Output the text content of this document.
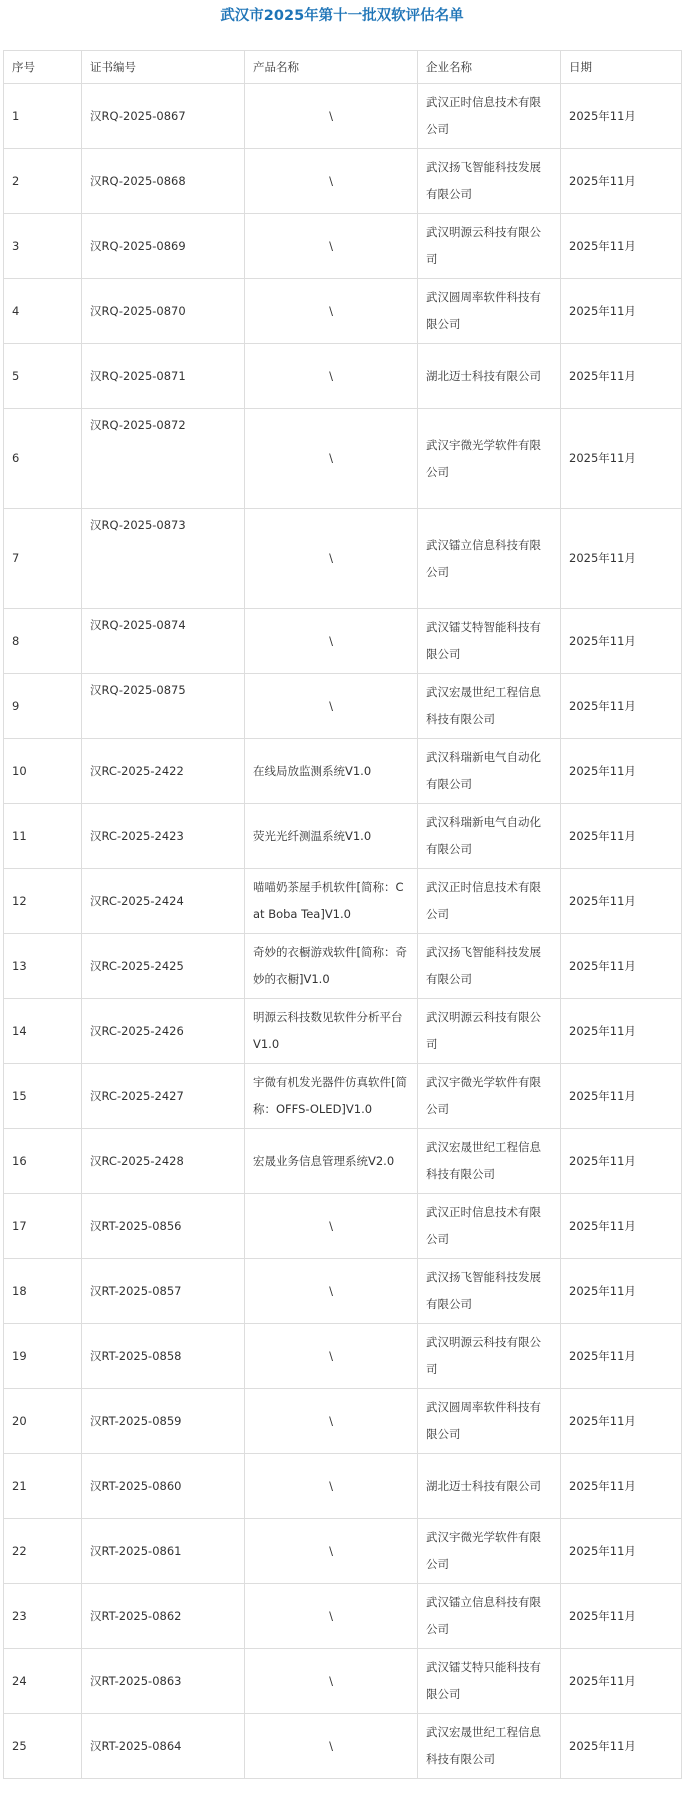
武汉市2025年第十一批双软评估名单
序号	证书编号	产品名称	企业名称	日期
1	汉RQ-2025-0867	\	武汉正时信息技术有限公司	2025年11月
2	汉RQ-2025-0868	\	武汉扬飞智能科技发展有限公司	2025年11月
3	汉RQ-2025-0869	\	武汉明源云科技有限公司	2025年11月
4	汉RQ-2025-0870	\	武汉圆周率软件科技有限公司	2025年11月
5	汉RQ-2025-0871	\	湖北迈士科技有限公司	2025年11月
6	汉RQ-2025-0872	\	武汉宇微光学软件有限公司	2025年11月
7	汉RQ-2025-0873	\	武汉镭立信息科技有限公司	2025年11月
8	汉RQ-2025-0874	\	武汉镭艾特智能科技有限公司	2025年11月
9	汉RQ-2025-0875	\	武汉宏晟世纪工程信息科技有限公司	2025年11月
10	汉RC-2025-2422	在线局放监测系统V1.0	武汉科瑞新电气自动化有限公司	2025年11月
11	汉RC-2025-2423	荧光光纤测温系统V1.0	武汉科瑞新电气自动化有限公司	2025年11月
12	汉RC-2025-2424	喵喵奶茶屋手机软件[简称：Cat Boba Tea]V1.0	武汉正时信息技术有限公司	2025年11月
13	汉RC-2025-2425	奇妙的衣橱游戏软件[简称：奇妙的衣橱]V1.0	武汉扬飞智能科技发展有限公司	2025年11月
14	汉RC-2025-2426	明源云科技数见软件分析平台V1.0	武汉明源云科技有限公司	2025年11月
15	汉RC-2025-2427	宇微有机发光器件仿真软件[简称：OFFS-OLED]V1.0	武汉宇微光学软件有限公司	2025年11月
16	汉RC-2025-2428	宏晟业务信息管理系统V2.0	武汉宏晟世纪工程信息科技有限公司	2025年11月
17	汉RT-2025-0856	\	武汉正时信息技术有限公司	2025年11月
18	汉RT-2025-0857	\	武汉扬飞智能科技发展有限公司	2025年11月
19	汉RT-2025-0858	\	武汉明源云科技有限公司	2025年11月
20	汉RT-2025-0859	\	武汉圆周率软件科技有限公司	2025年11月
21	汉RT-2025-0860	\	湖北迈士科技有限公司	2025年11月
22	汉RT-2025-0861	\	武汉宇微光学软件有限公司	2025年11月
23	汉RT-2025-0862	\	武汉镭立信息科技有限公司	2025年11月
24	汉RT-2025-0863	\	武汉镭艾特只能科技有限公司	2025年11月
25	汉RT-2025-0864	\	武汉宏晟世纪工程信息科技有限公司	2025年11月
